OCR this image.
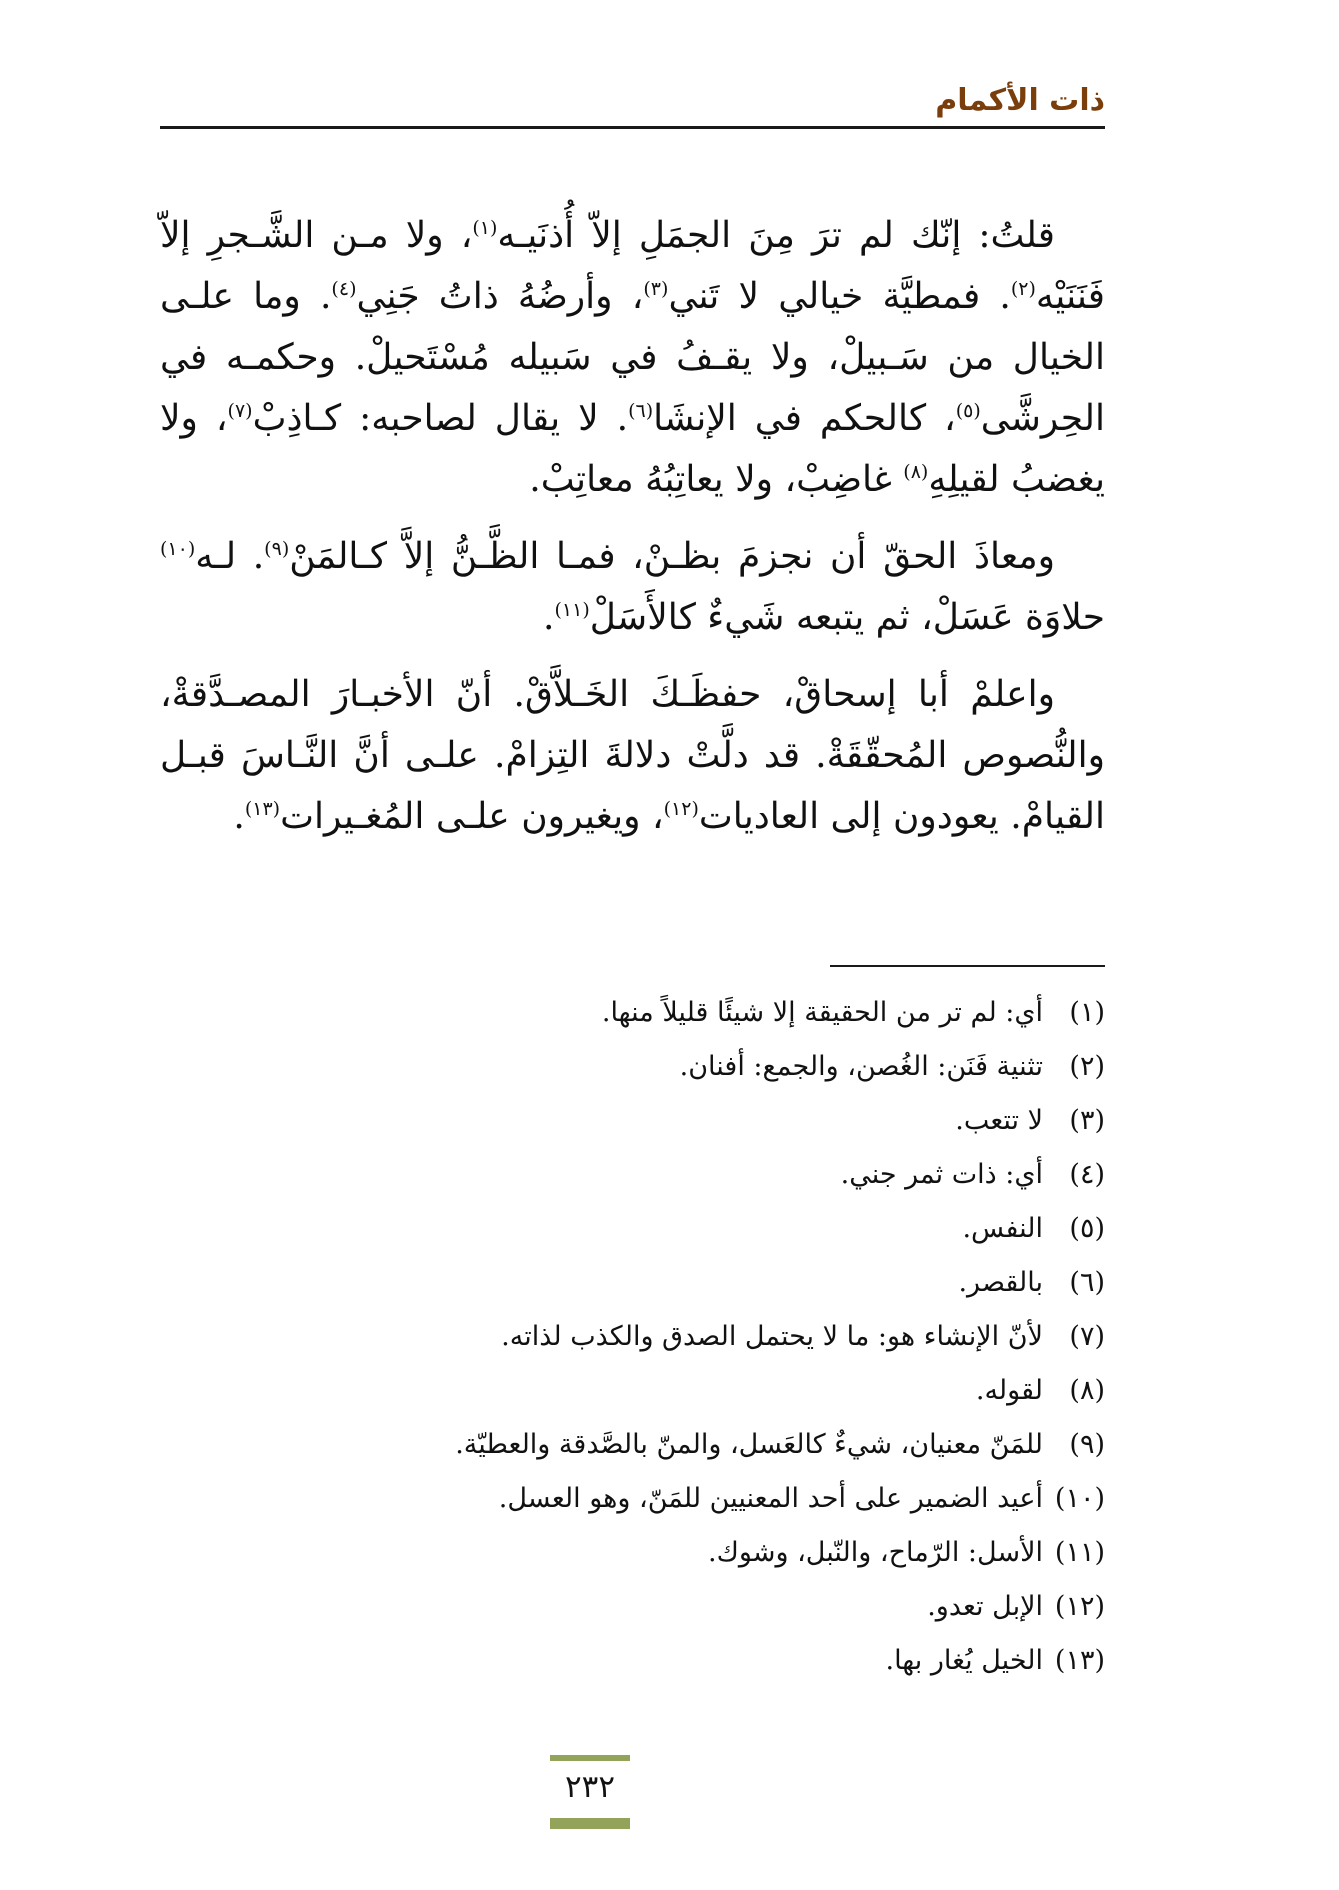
ذات الأكمام

قلتُ: إنّك لم ترَ مِنَ الجمَلِ إلاّ أُذنَيـه$^{(١)}$، ولا مـن الشَّـجرِ إلاّ فَنَنَيْه$^{(٢)}$. فمطيَّة خيالي لا تَني$^{(٣)}$، وأرضُهُ ذاتُ جَنِي$^{(٤)}$. وما علـى الخيال من سَـبيلْ، ولا يقـفُ في سَبيله مُسْتَحيلْ. وحكمـه في الحِرشَّى$^{(٥)}$، كالحكم في الإنشَا$^{(٦)}$. لا يقال لصاحبه: كـاذِبْ$^{(٧)}$، ولا يغضبُ لقيلِهِ$^{(٨)}$ غاضِبْ، ولا يعاتِبُهُ معاتِبْ.

ومعاذَ الحقّ أن نجزمَ بظـنْ، فمـا الظَّـنُّ إلاَّ كـالمَنْ$^{(٩)}$. لـه$^{(١٠)}$ حلاوَة عَسَلْ، ثم يتبعه شَيءٌ كالأَسَلْ$^{(١١)}$.

واعلمْ أبا إسحاقْ، حفظَـكَ الخَـلاَّقْ. أنّ الأخبـارَ المصـدَّقةْ، والنُّصوص المُحقّقَةْ. قد دلَّتْ دلالةَ التِزامْ. علـى أنَّ النَّـاسَ قبـل القيامْ. يعودون إلى العاديات$^{(١٢)}$، ويغيرون علـى المُغـيرات$^{(١٣)}$.

(١)
أي: لم تر من الحقيقة إلا شيئًا قليلاً منها.
(٢)
تثنية فَنَن: الغُصن، والجمع: أفنان.
(٣)
لا تتعب.
(٤)
أي: ذات ثمر جني.
(٥)
النفس.
(٦)
بالقصر.
(٧)
لأنّ الإنشاء هو: ما لا يحتمل الصدق والكذب لذاته.
(٨)
لقوله.
(٩)
للمَنّ معنيان، شيءٌ كالعَسل، والمنّ بالصَّدقة والعطيّة.
(١٠)
أعيد الضمير على أحد المعنيين للمَنّ، وهو العسل.
(١١)
الأسل: الرّماح، والنّبل، وشوك.
(١٢)
الإبل تعدو.
(١٣)
الخيل يُغار بها.
٢٣٢
